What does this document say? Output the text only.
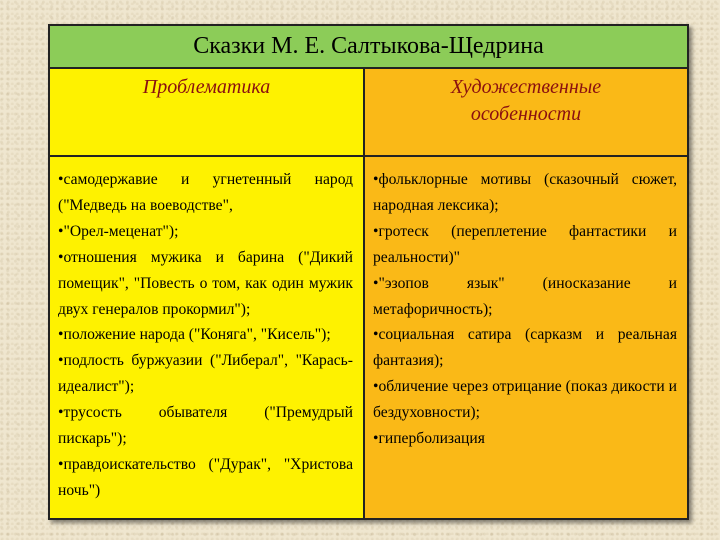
Сказки М. Е. Салтыкова-Щедрина
Проблематика	Художественные особенности
•самодержавие и угнетенный народ ("Медведь на воеводстве",
•"Орел-меценат");
•отношения мужика и барина ("Дикий помещик", "Повесть о том, как один мужик двух генералов прокормил");
•положение народа ("Коняга", "Кисель");
•подлость буржуазии ("Либерал", "Карась-идеалист");
•трусость обывателя ("Премудрый пискарь");
•правдоискательство ("Дурак", "Христова ночь")
•фольклорные мотивы (сказочный сюжет, народная лексика);
•гротеск (переплетение фантастики и реальности)"
•"эзопов язык" (иносказание и метафоричность);
•социальная сатира (сарказм и реальная фантазия);
•обличение через отрицание (показ дикости и бездуховности);
•гиперболизация
